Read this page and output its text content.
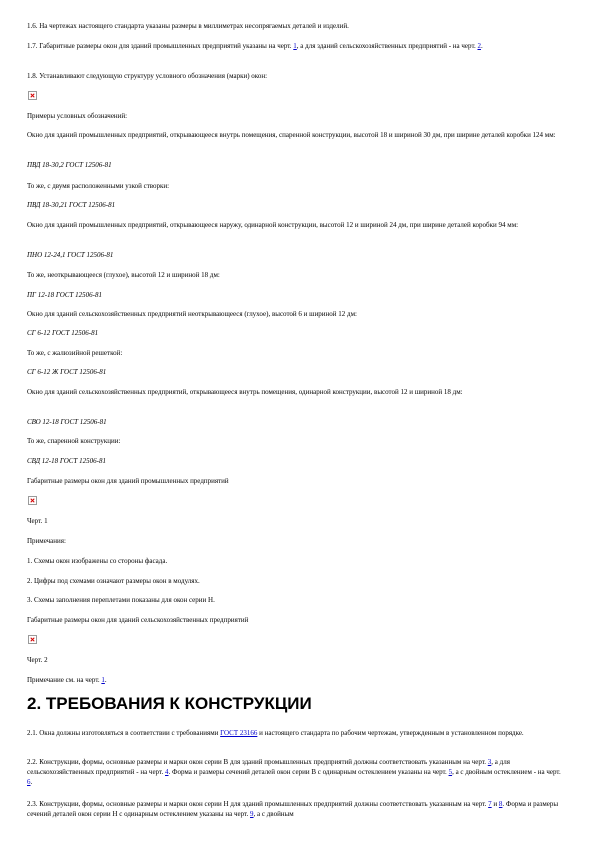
1.6. На чертежах настоящего стандарта указаны размеры в миллиметрах несопрягаемых деталей и изделий.

1.7. Габаритные размеры окон для зданий промышленных предприятий указаны на черт. 1, а для зданий сельскохозяйственных предприятий - на черт. 2.

1.8. Устанавливают следующую структуру условного обозначения (марки) окон:

Примеры условных обозначений:

Окно для зданий промышленных предприятий, открывающееся внутрь помещения, спаренной конструкции, высотой 18 и шириной 30 дм, при ширине деталей коробки 124 мм:

ПВД 18-30,2 ГОСТ 12506-81

То же, с двумя расположенными узкой створки:

ПВД 18-30,21 ГОСТ 12506-81

Окно для зданий промышленных предприятий, открывающееся наружу, одинарной конструкции, высотой 12 и шириной 24 дм, при ширине деталей коробки 94 мм:

ПНО 12-24,1 ГОСТ 12506-81

То же, неоткрывающееся (глухое), высотой 12 и шириной 18 дм:

ПГ 12-18 ГОСТ 12506-81

Окно для зданий сельскохозяйственных предприятий неоткрывающееся (глухое), высотой 6 и шириной 12 дм:

СГ 6-12 ГОСТ 12506-81

То же, с жалюзийной решеткой:

СГ 6-12 Ж ГОСТ 12506-81

Окно для зданий сельскохозяйственных предприятий, открывающееся внутрь помещения, одинарной конструкции, высотой 12 и шириной 18 дм:

СВО 12-18 ГОСТ 12506-81

То же, спаренной конструкции:

СВД 12-18 ГОСТ 12506-81

Габаритные размеры окон для зданий промышленных предприятий

Черт. 1

Примечания:

1. Схемы окон изображены со стороны фасада.

2. Цифры под схемами означают размеры окон в модулях.

3. Схемы заполнения переплетами показаны для окон серии Н.

Габаритные размеры окон для зданий сельскохозяйственных предприятий

Черт. 2

Примечание см. на черт. 1.

2. ТРЕБОВАНИЯ К КОНСТРУКЦИИ

2.1. Окна должны изготовляться в соответствии с требованиями ГОСТ 23166 и настоящего стандарта по рабочим чертежам, утвержденным в установленном порядке.

2.2. Конструкции, формы, основные размеры и марки окон серии В для зданий промышленных предприятий должны соответствовать указанным на черт. 3, а для сельскохозяйственных предприятий - на черт. 4. Форма и размеры сечений деталей окон серии В с одинарным остеклением указаны на черт. 5, а с двойным остеклением - на черт. 6.

2.3. Конструкции, формы, основные размеры и марки окон серии Н для зданий промышленных предприятий должны соответствовать указанным на черт. 7 и 8. Форма и размеры сечений деталей окон серии Н с одинарным остеклением указаны на черт. 9, а с двойным
